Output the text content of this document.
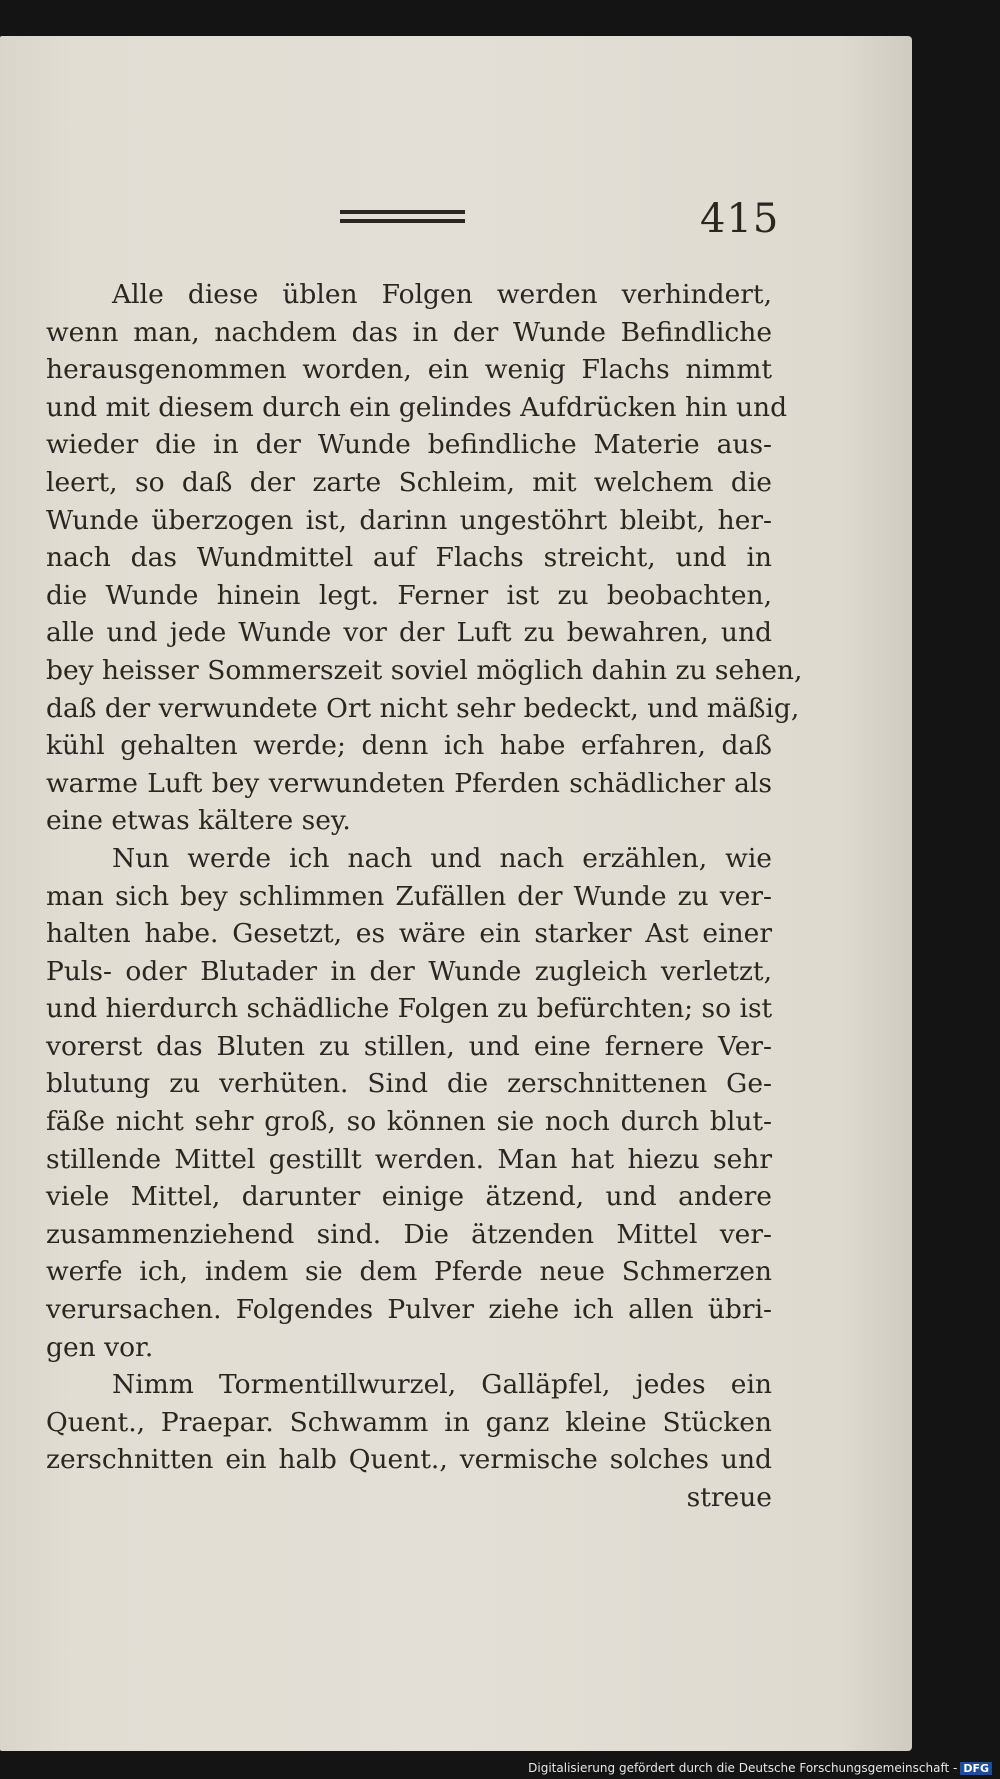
415
Alle diese üblen Folgen werden verhindert,
wenn man, nachdem das in der Wunde Befindliche
herausgenommen worden, ein wenig Flachs nimmt
und mit diesem durch ein gelindes Aufdrücken hin und
wieder die in der Wunde befindliche Materie aus-
leert, so daß der zarte Schleim, mit welchem die
Wunde überzogen ist, darinn ungestöhrt bleibt, her-
nach das Wundmittel auf Flachs streicht, und in
die Wunde hinein legt. Ferner ist zu beobachten,
alle und jede Wunde vor der Luft zu bewahren, und
bey heisser Sommerszeit soviel möglich dahin zu sehen,
daß der verwundete Ort nicht sehr bedeckt, und mäßig,
kühl gehalten werde; denn ich habe erfahren, daß
warme Luft bey verwundeten Pferden schädlicher als
eine etwas kältere sey.
Nun werde ich nach und nach erzählen, wie
man sich bey schlimmen Zufällen der Wunde zu ver-
halten habe. Gesetzt, es wäre ein starker Ast einer
Puls- oder Blutader in der Wunde zugleich verletzt,
und hierdurch schädliche Folgen zu befürchten; so ist
vorerst das Bluten zu stillen, und eine fernere Ver-
blutung zu verhüten. Sind die zerschnittenen Ge-
fäße nicht sehr groß, so können sie noch durch blut-
stillende Mittel gestillt werden. Man hat hiezu sehr
viele Mittel, darunter einige ätzend, und andere
zusammenziehend sind. Die ätzenden Mittel ver-
werfe ich, indem sie dem Pferde neue Schmerzen
verursachen. Folgendes Pulver ziehe ich allen übri-
gen vor.
Nimm Tormentillwurzel, Galläpfel, jedes ein
Quent., Praepar. Schwamm in ganz kleine Stücken
zerschnitten ein halb Quent., vermische solches und
streue
Digitalisierung gefördert durch die Deutsche Forschungsgemeinschaft - DFG
